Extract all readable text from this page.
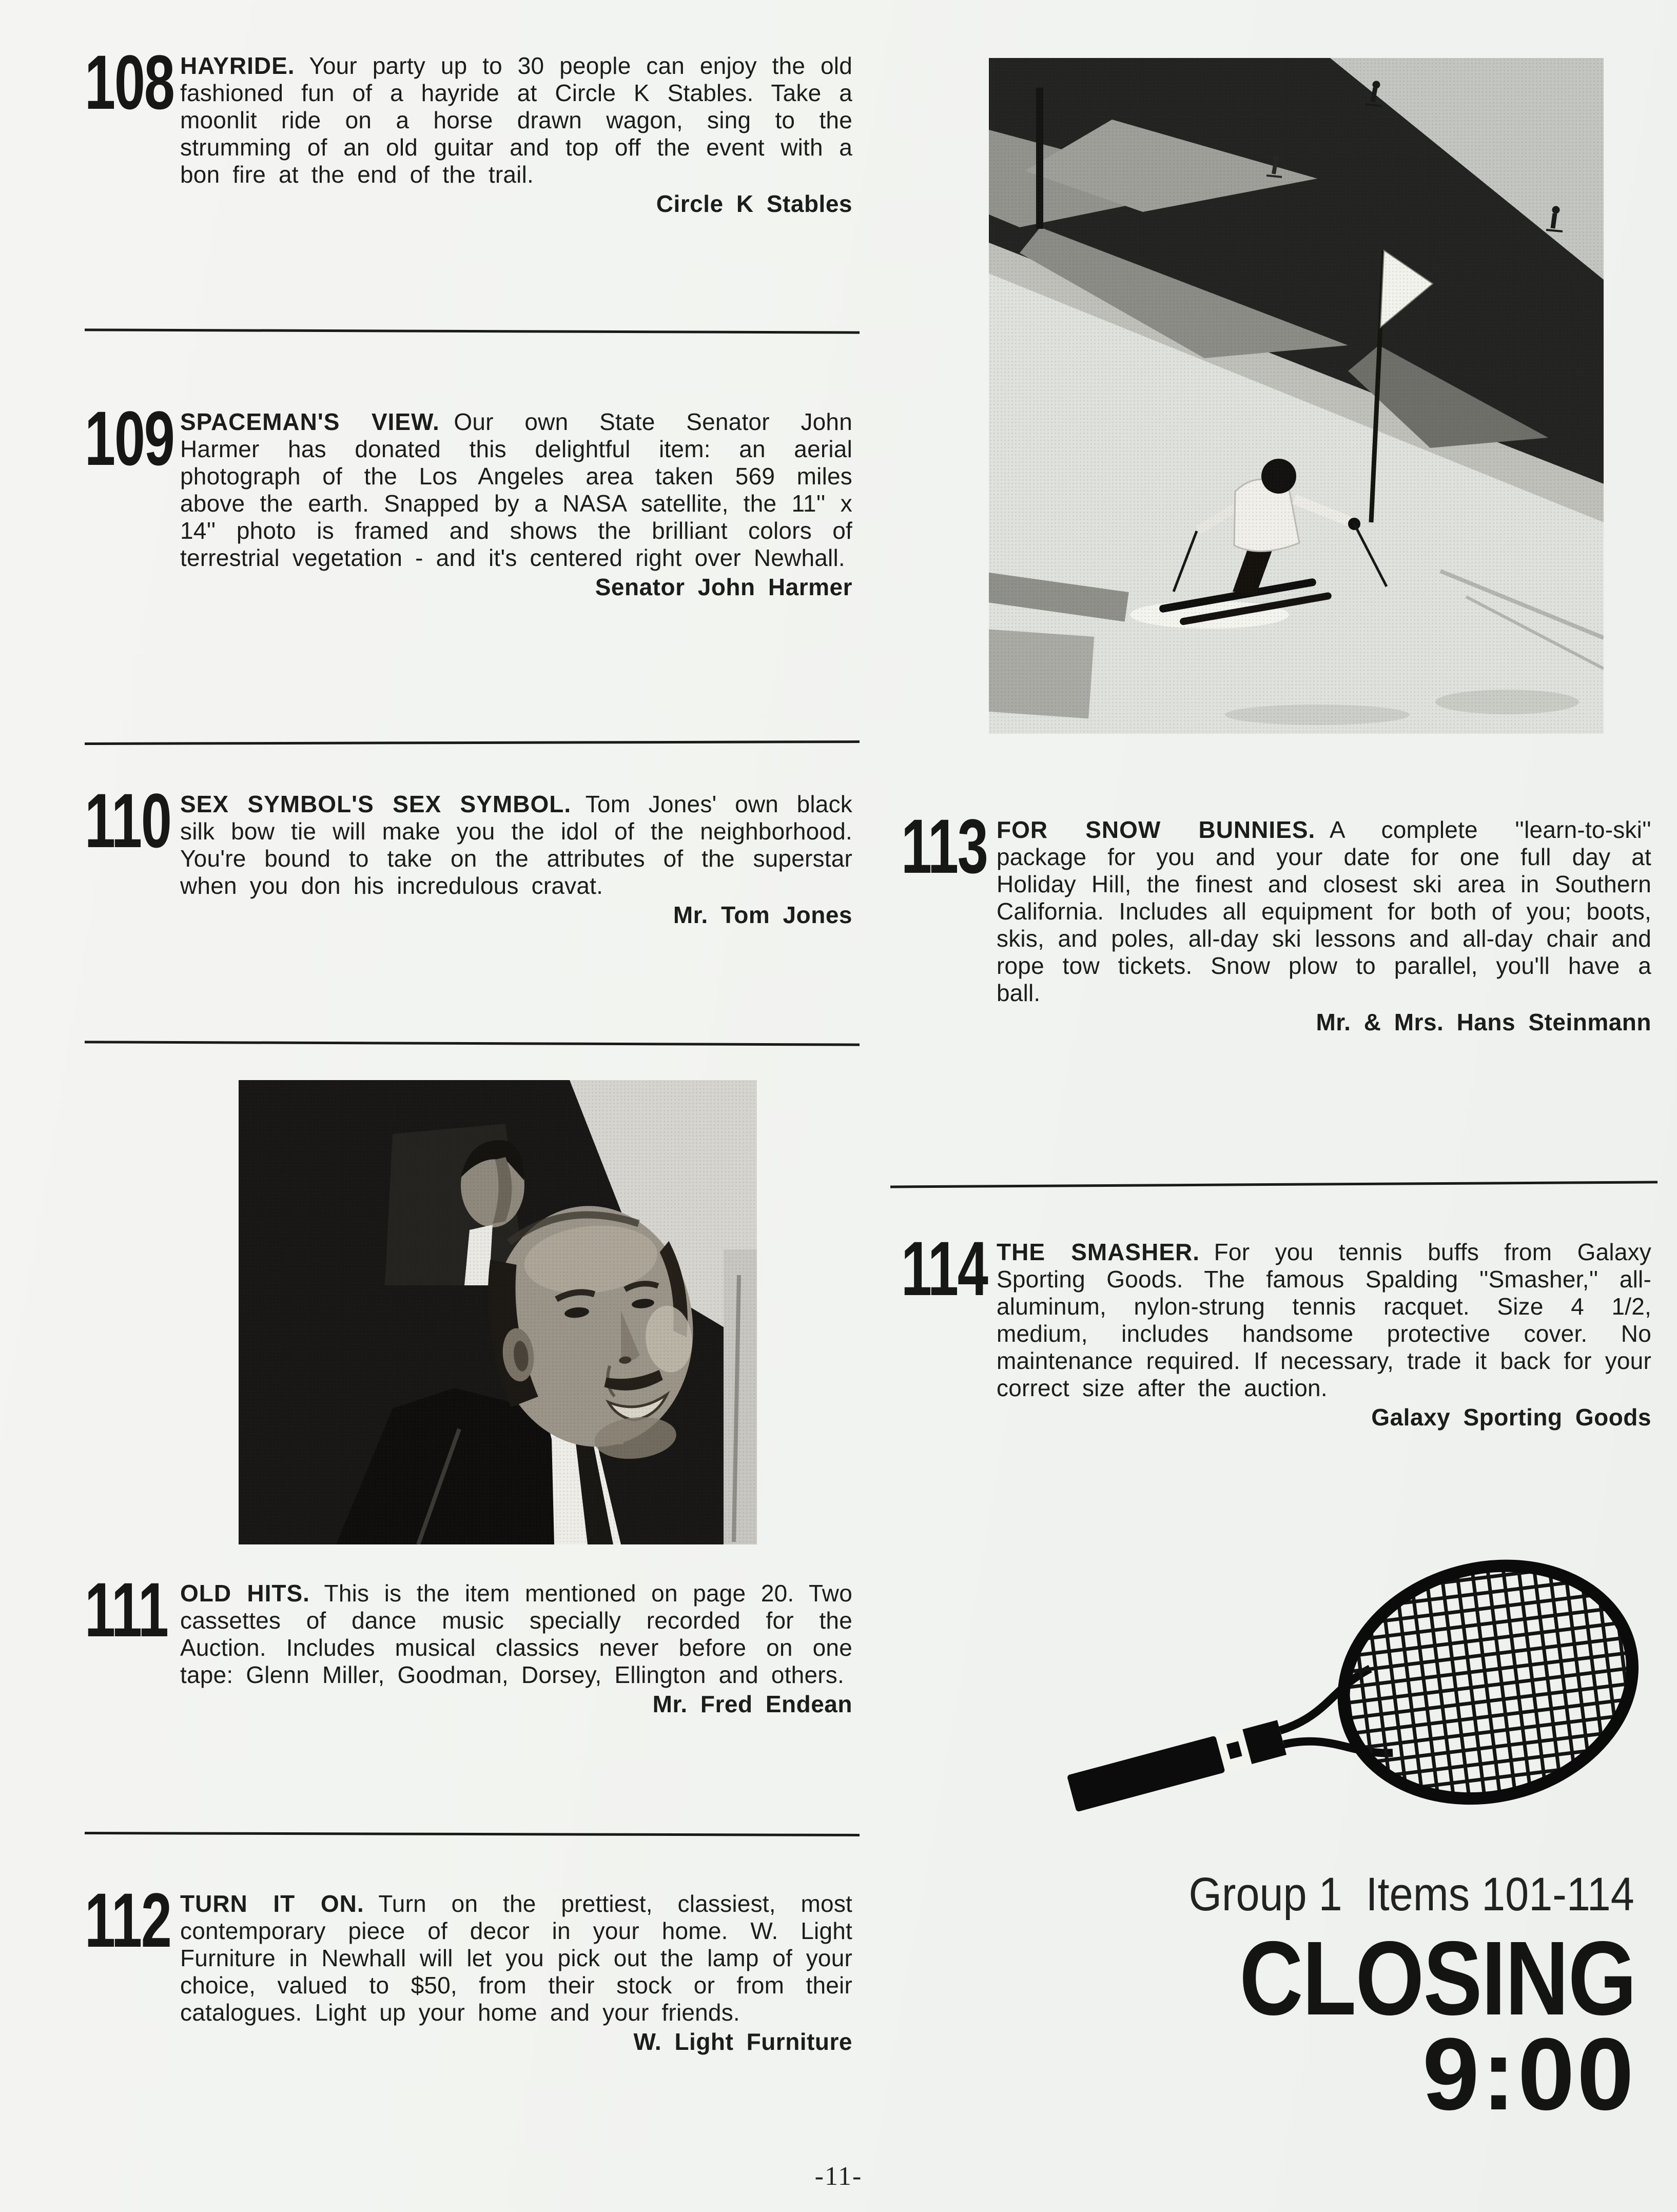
108 HAYRIDE. Your party up to 30 people can enjoy the old fashioned fun of a hayride at Circle K Stables. Take a moonlit ride on a horse drawn wagon, sing to the strumming of an old guitar and top off the event with a bon fire at the end of the trail.
Circle K Stables
109 SPACEMAN'S VIEW. Our own State Senator John Harmer has donated this delightful item: an aerial photograph of the Los Angeles area taken 569 miles above the earth. Snapped by a NASA satellite, the 11'' x 14'' photo is framed and shows the brilliant colors of terrestrial vegetation - and it's centered right over Newhall.
Senator John Harmer
110 SEX SYMBOL'S SEX SYMBOL. Tom Jones' own black silk bow tie will make you the idol of the neighborhood. You're bound to take on the attributes of the superstar when you don his incredulous cravat.
Mr. Tom Jones
111 OLD HITS. This is the item mentioned on page 20. Two cassettes of dance music specially recorded for the Auction. Includes musical classics never before on one tape: Glenn Miller, Goodman, Dorsey, Ellington and others.
Mr. Fred Endean
112 TURN IT ON. Turn on the prettiest, classiest, most contemporary piece of decor in your home. W. Light Furniture in Newhall will let you pick out the lamp of your choice, valued to $50, from their stock or from their catalogues. Light up your home and your friends.
W. Light Furniture
113 FOR SNOW BUNNIES. A complete ''learn-to-ski'' package for you and your date for one full day at Holiday Hill, the finest and closest ski area in Southern California. Includes all equipment for both of you; boots, skis, and poles, all-day ski lessons and all-day chair and rope tow tickets. Snow plow to parallel, you'll have a ball.
Mr. & Mrs. Hans Steinmann
114 THE SMASHER. For you tennis buffs from Galaxy Sporting Goods. The famous Spalding ''Smasher,'' all-aluminum, nylon-strung tennis racquet. Size 4 1/2, medium, includes handsome protective cover. No maintenance required. If necessary, trade it back for your correct size after the auction.
Galaxy Sporting Goods
Group 1  Items 101-114
CLOSING
9:00
-11-
